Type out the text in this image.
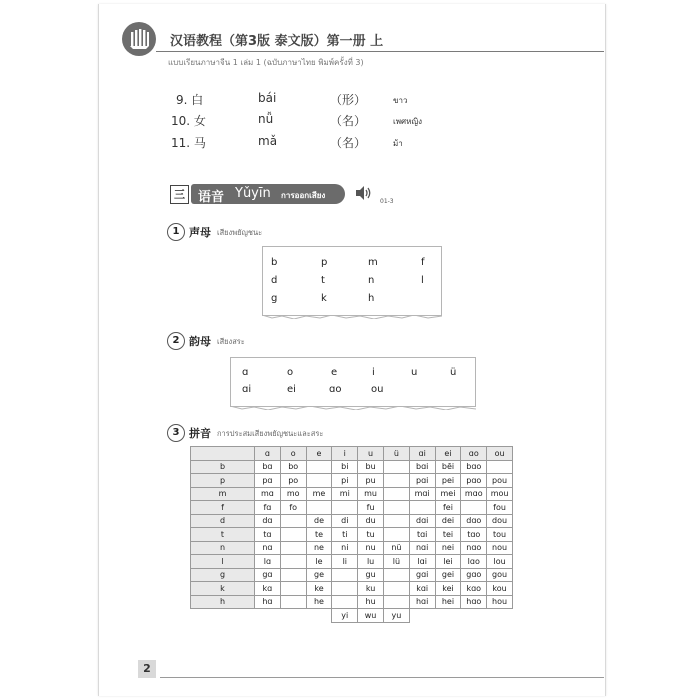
汉语教程（第3版 泰文版）第一册 上
แบบเรียนภาษาจีน 1 เล่ม 1 (ฉบับภาษาไทย พิมพ์ครั้งที่ 3)
9. 白	bái	（形）	ขาว
10. 女	nǚ	（名）	เพศหญิง
11. 马	mǎ	（名）	ม้า
三	语音 Yǔyīn การออกเสียง
01-3
1 声母 เสียงพยัญชนะ
b	p	m	f
d	t	n	l
g	k	h
2 韵母 เสียงสระ
ɑ	o	e	i	u	ü
ɑi	ei	ɑo	ou
3 拼音 การประสมเสียงพยัญชนะและสระ
	ɑ	o	e	i	u	ü	ɑi	ei	ɑo	ou
b	bɑ	bo		bi	bu		bɑi	bēi	bɑo	
p	pɑ	po		pi	pu		pɑi	pei	pɑo	pou
m	mɑ	mo	me	mi	mu		mɑi	mei	mɑo	mou
f	fɑ	fo			fu			fei		fou
d	dɑ		de	di	du		dɑi	dei	dɑo	dou
t	tɑ		te	ti	tu		tɑi	tei	tɑo	tou
n	nɑ		ne	ni	nu	nü	nɑi	nei	nɑo	nou
l	lɑ		le	li	lu	lü	lɑi	lei	lɑo	lou
g	gɑ		ge		gu		gɑi	gei	gɑo	gou
k	kɑ		ke		ku		kɑi	kei	kɑo	kou
h	hɑ		he		hu		hɑi	hei	hɑo	hou
				yi	wu	yu				
2
